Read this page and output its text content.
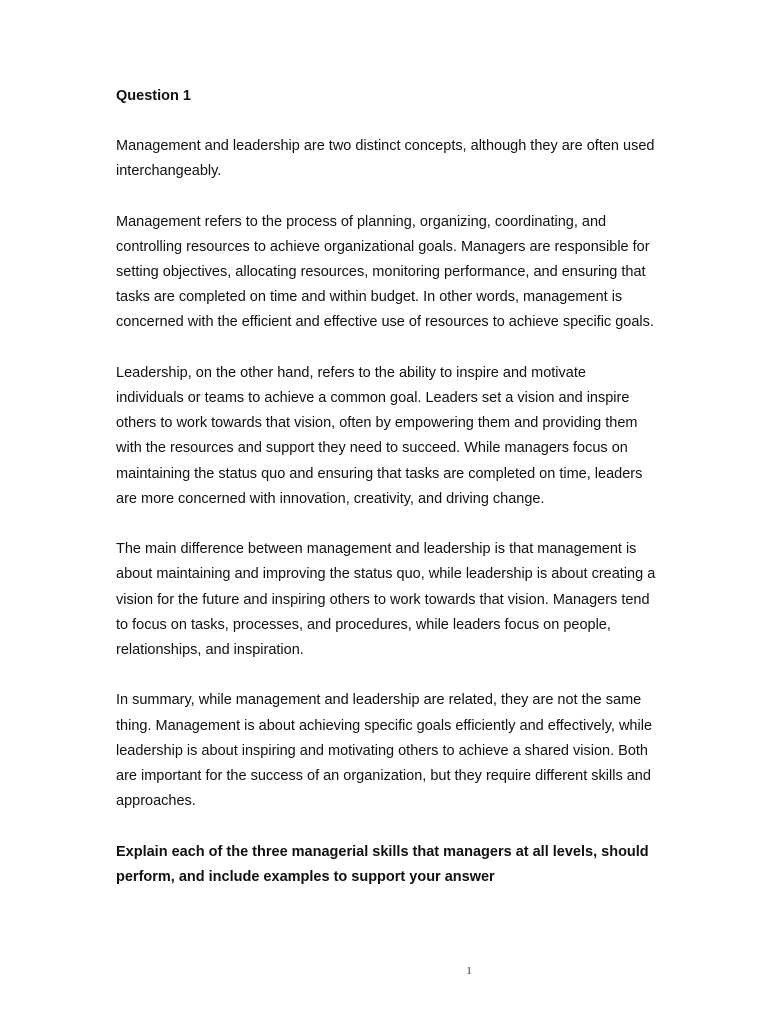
Question 1

Management and leadership are two distinct concepts, although they are often used interchangeably.

Management refers to the process of planning, organizing, coordinating, and controlling resources to achieve organizational goals. Managers are responsible for setting objectives, allocating resources, monitoring performance, and ensuring that tasks are completed on time and within budget. In other words, management is concerned with the efficient and effective use of resources to achieve specific goals.

Leadership, on the other hand, refers to the ability to inspire and motivate individuals or teams to achieve a common goal. Leaders set a vision and inspire others to work towards that vision, often by empowering them and providing them with the resources and support they need to succeed. While managers focus on maintaining the status quo and ensuring that tasks are completed on time, leaders are more concerned with innovation, creativity, and driving change.

The main difference between management and leadership is that management is about maintaining and improving the status quo, while leadership is about creating a vision for the future and inspiring others to work towards that vision. Managers tend to focus on tasks, processes, and procedures, while leaders focus on people, relationships, and inspiration.

In summary, while management and leadership are related, they are not the same thing. Management is about achieving specific goals efficiently and effectively, while leadership is about inspiring and motivating others to achieve a shared vision. Both are important for the success of an organization, but they require different skills and approaches.

Explain each of the three managerial skills that managers at all levels, should perform, and include examples to support your answer

1
